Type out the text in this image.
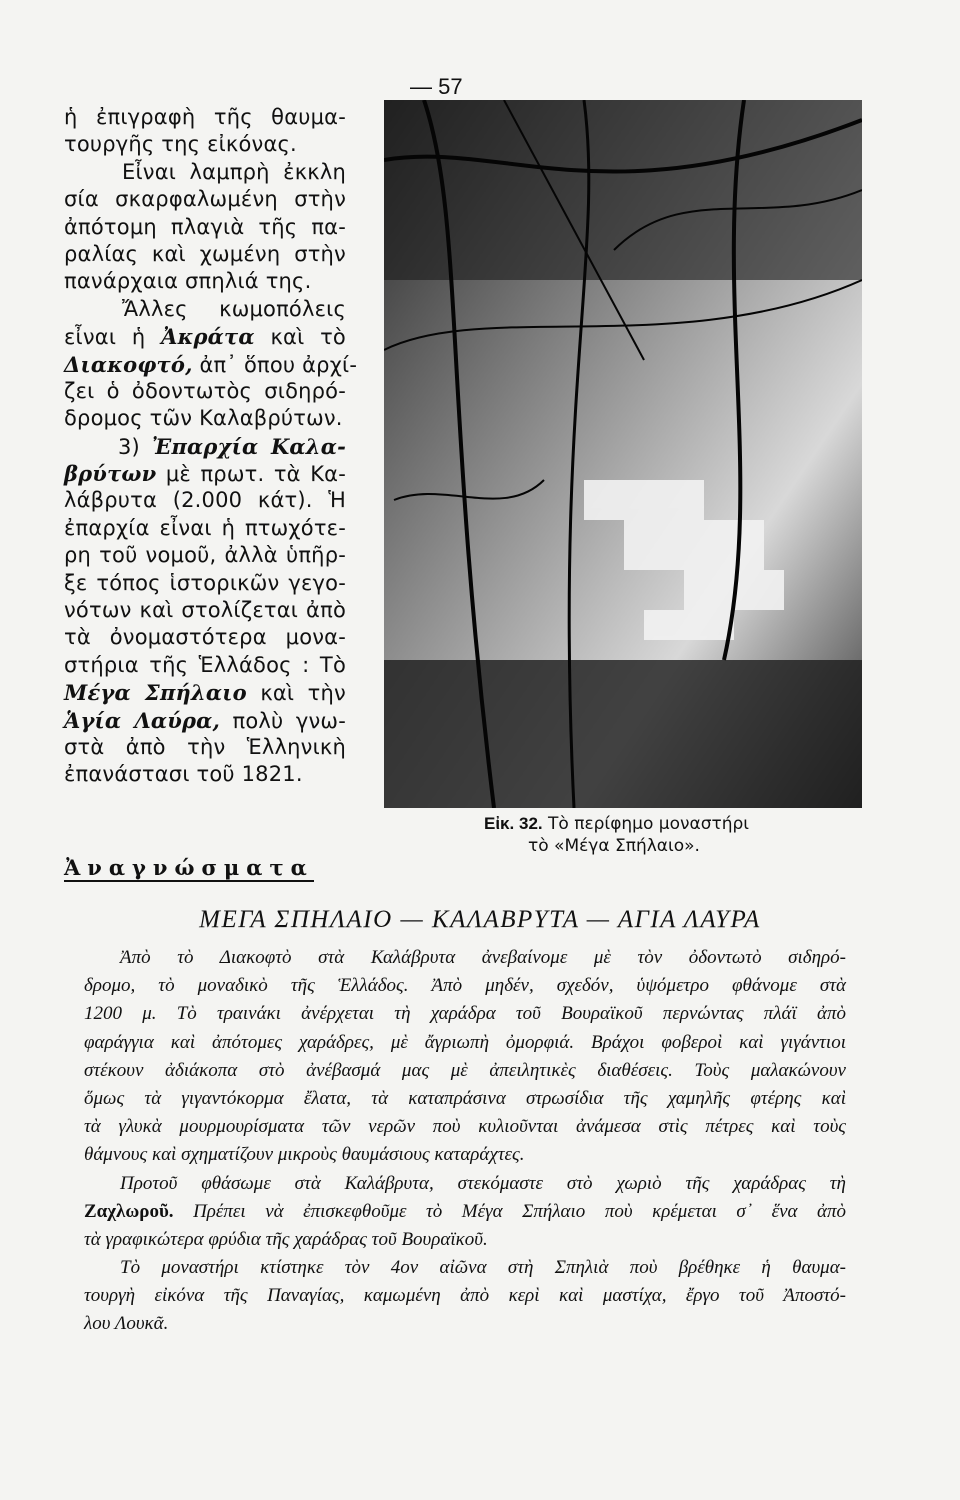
— 57
ἡ ἐπιγραφὴ τῆς θαυμα-
τουργῆς της εἰκόνας.
Εἶναι λαμπρὴ ἐκκλη
σία σκαρφαλωμένη στὴν
ἀπότομη πλαγιὰ τῆς πα-
ραλίας καὶ χωμένη στὴν
πανάρχαια σπηλιά της.
Ἄλλες κωμοπόλεις
εἶναι ἡ Ἀκράτα καὶ τὸ
Διακοφτό, ἀπ᾽ ὅπου ἀρχί-
ζει ὁ ὀδοντωτὸς σιδηρό-
δρομος τῶν Καλαβρύτων.
3) Ἐπαρχία Καλα-
βρύτων μὲ πρωτ. τὰ Κα-
λάβρυτα (2.000 κάτ). Ἡ
ἐπαρχία εἶναι ἡ πτωχότε-
ρη τοῦ νομοῦ, ἀλλὰ ὑπῆρ-
ξε τόπος ἱστορικῶν γεγο-
νότων καὶ στολίζεται ἀπὸ
τὰ ὀνομαστότερα μονα-
στήρια τῆς Ἑλλάδος : Τὸ
Μέγα Σπήλαιο καὶ τὴν
Ἁγία Λαύρα, πολὺ γνω-
στὰ ἀπὸ τὴν Ἑλληνικὴ
ἐπανάστασι τοῦ 1821.
Ἀναγνώσματα
Εἰκ. 32. Τὸ περίφημο μοναστήρι
τὸ «Μέγα Σπήλαιο».
ΜΕΓΑ ΣΠΗΛΑΙΟ — ΚΑΛΑΒΡΥΤΑ — ΑΓΙΑ ΛΑΥΡΑ
Ἀπὸ τὸ Διακοφτὸ στὰ Καλάβρυτα ἀνεβαίνομε μὲ τὸν ὀδοντωτὸ σιδηρό-
δρομο, τὸ μοναδικὸ τῆς Ἑλλάδος. Ἀπὸ μηδέν, σχεδόν, ὑψόμετρο φθάνομε στὰ
1200 μ. Τὸ τραινάκι ἀνέρχεται τὴ χαράδρα τοῦ Βουραϊκοῦ περνώντας πλάϊ ἀπὸ
φαράγγια καὶ ἀπότομες χαράδρες, μὲ ἄγριωπὴ ὀμορφιά. Βράχοι φοβεροὶ καὶ γιγάντιοι
στέκουν ἀδιάκοπα στὸ ἀνέβασμά μας μὲ ἀπειλητικὲς διαθέσεις. Τοὺς μαλακώνουν
ὅμως τὰ γιγαντόκορμα ἔλατα, τὰ καταπράσινα στρωσίδια τῆς χαμηλῆς φτέρης καὶ
τὰ γλυκὰ μουρμουρίσματα τῶν νερῶν ποὺ κυλιοῦνται ἀνάμεσα στὶς πέτρες καὶ τοὺς
θάμνους καὶ σχηματίζουν μικροὺς θαυμάσιους καταράχτες.
Προτοῦ φθάσωμε στὰ Καλάβρυτα, στεκόμαστε στὸ χωριὸ τῆς χαράδρας τὴ
Ζαχλωροῦ. Πρέπει νὰ ἐπισκεφθοῦμε τὸ Μέγα Σπήλαιο ποὺ κρέμεται σ᾽ ἕνα ἀπὸ
τὰ γραφικώτερα φρύδια τῆς χαράδρας τοῦ Βουραϊκοῦ.
Τὸ μοναστήρι κτίστηκε τὸν 4ον αἰῶνα στὴ Σπηλιὰ ποὺ βρέθηκε ἡ θαυμα-
τουργὴ εἰκόνα τῆς Παναγίας, καμωμένη ἀπὸ κερὶ καὶ μαστίχα, ἔργο τοῦ Ἀποστό-
λου Λουκᾶ.
